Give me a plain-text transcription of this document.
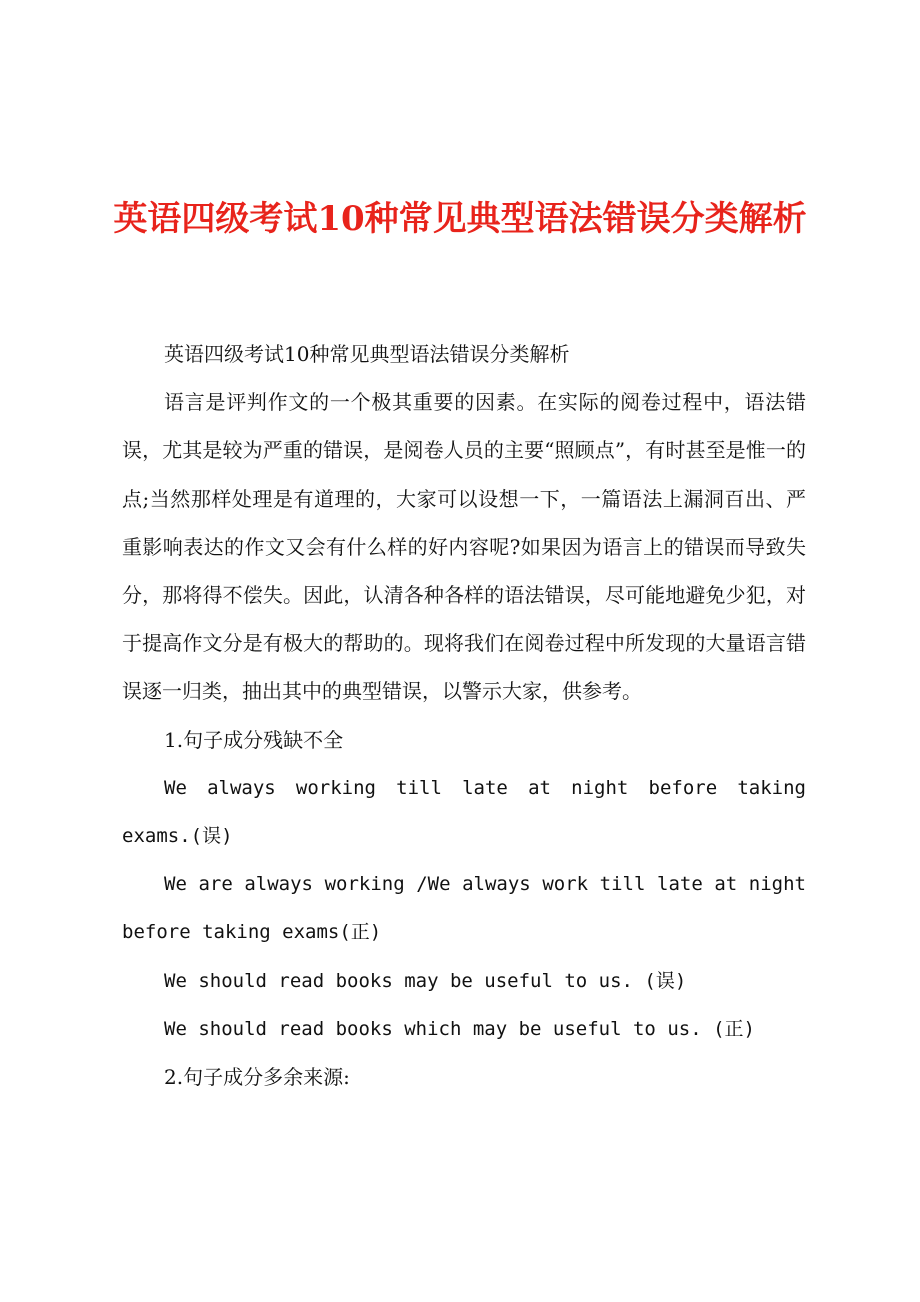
英语四级考试10种常见典型语法错误分类解析

英语四级考试10种常见典型语法错误分类解析

语言是评判作文的一个极其重要的因素。在实际的阅卷过程中，语法错误，尤其是较为严重的错误，是阅卷人员的主要“照顾点”，有时甚至是惟一的点;当然那样处理是有道理的，大家可以设想一下，一篇语法上漏洞百出、严重影响表达的作文又会有什么样的好内容呢?如果因为语言上的错误而导致失分，那将得不偿失。因此，认清各种各样的语法错误，尽可能地避免少犯，对于提高作文分是有极大的帮助的。现将我们在阅卷过程中所发现的大量语言错误逐一归类，抽出其中的典型错误，以警示大家，供参考。

1.句子成分残缺不全

We always working till late at night before taking exams.(误)

We are always working /We always work till late at night before taking exams(正)

We should read books may be useful to us. (误)

We should read books which may be useful to us. (正)

2.句子成分多余来源:
